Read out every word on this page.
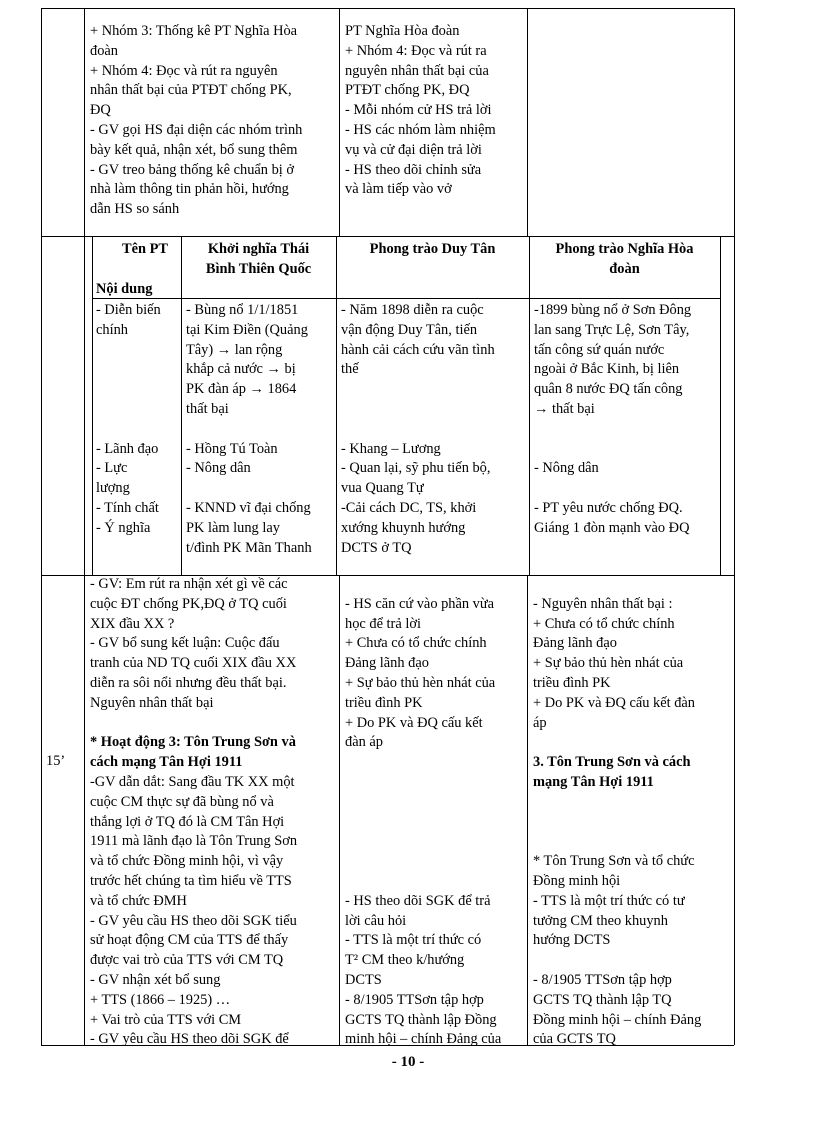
+ Nhóm 3: Thống kê PT Nghĩa Hòa
đoàn
+ Nhóm 4: Đọc và rút ra nguyên
nhân thất bại của PTĐT chống PK,
ĐQ
- GV gọi HS đại diện các nhóm trình
bày kết quả, nhận xét, bổ sung thêm
- GV treo bảng thống kê chuẩn bị ở
nhà làm thông tin phản hồi, hướng
dẫn HS so sánh
PT Nghĩa Hòa đoàn
+ Nhóm 4: Đọc và rút ra
nguyên nhân thất bại của
PTĐT chống PK, ĐQ
- Mỗi nhóm cử HS trả lời
- HS các nhóm làm nhiệm
vụ và cử đại diện trả lời
- HS theo dõi chỉnh sửa
và làm tiếp vào vở
Tên PT
Nội dung
Khởi nghĩa Thái
Bình Thiên Quốc
Phong trào Duy Tân	Phong trào Nghĩa Hòa
đoàn
- Diễn biến
chính
- Lãnh đạo
- Lực
lượng
- Tính chất
- Ý nghĩa
- Bùng nổ 1/1/1851
tại Kim Điền (Quảng
Tây) → lan rộng
khắp cả nước → bị
PK đàn áp → 1864
thất bại
- Hồng Tú Toàn
- Nông dân
- KNND vĩ đại chống
PK làm lung lay
t/đình PK Mãn Thanh
- Năm 1898 diễn ra cuộc
vận động Duy Tân, tiến
hành cải cách cứu vãn tình
thế
- Khang – Lương
- Quan lại, sỹ phu tiến bộ,
vua Quang Tự
-Cải cách DC, TS, khởi
xướng khuynh hướng
DCTS ở TQ
-1899 bùng nổ ở Sơn Đông
lan sang Trực Lệ, Sơn Tây,
tấn công sứ quán nước
ngoài ở Bắc Kinh, bị liên
quân 8 nước ĐQ tấn công
→ thất bại
- Nông dân
- PT yêu nước chống ĐQ.
Giáng 1 đòn mạnh vào ĐQ
15’
- GV: Em rút ra nhận xét gì về các
cuộc ĐT chống PK,ĐQ ở TQ cuối
XIX đầu XX ?
- GV bổ sung kết luận: Cuộc đấu
tranh của ND TQ cuối XIX đầu XX
diễn ra sôi nổi nhưng đều thất bại.
Nguyên nhân thất bại
* Hoạt động 3: Tôn Trung Sơn và
cách mạng Tân Hợi 1911
-GV dẫn dắt: Sang đầu TK XX một
cuộc CM thực sự đã bùng nổ và
thắng lợi ở TQ đó là CM Tân Hợi
1911 mà lãnh đạo là Tôn Trung Sơn
và tổ chức Đồng minh hội, vì vậy
trước hết chúng ta tìm hiểu về TTS
và tổ chức ĐMH
- GV yêu cầu HS theo dõi SGK tiểu
sử hoạt động CM của TTS để thấy
được vai trò của TTS với CM TQ
- GV nhận xét bổ sung
+ TTS (1866 – 1925) …
+ Vai trò của TTS với CM
- GV yêu cầu HS theo dõi SGK để
- HS căn cứ vào phần vừa
học để trả lời
+ Chưa có tổ chức chính
Đảng lãnh đạo
+ Sự bảo thủ hèn nhát của
triều đình PK
+ Do PK và ĐQ cấu kết
đàn áp
- HS theo dõi SGK để trả
lời câu hỏi
- TTS là một trí thức có
T² CM theo k/hướng
DCTS
- 8/1905 TTSơn tập hợp
GCTS TQ thành lập Đồng
minh hội – chính Đảng của
- Nguyên nhân thất bại :
+ Chưa có tổ chức chính
Đảng lãnh đạo
+ Sự bảo thủ hèn nhát của
triều đình PK
+ Do PK và ĐQ cấu kết đàn
áp
3. Tôn Trung Sơn và cách
mạng Tân Hợi 1911
* Tôn Trung Sơn và tổ chức
Đồng minh hội
- TTS là một trí thức có tư
tưởng CM theo khuynh
hướng DCTS
- 8/1905 TTSơn tập hợp
GCTS TQ thành lập TQ
Đồng minh hội – chính Đảng
của GCTS TQ
- 10 -
